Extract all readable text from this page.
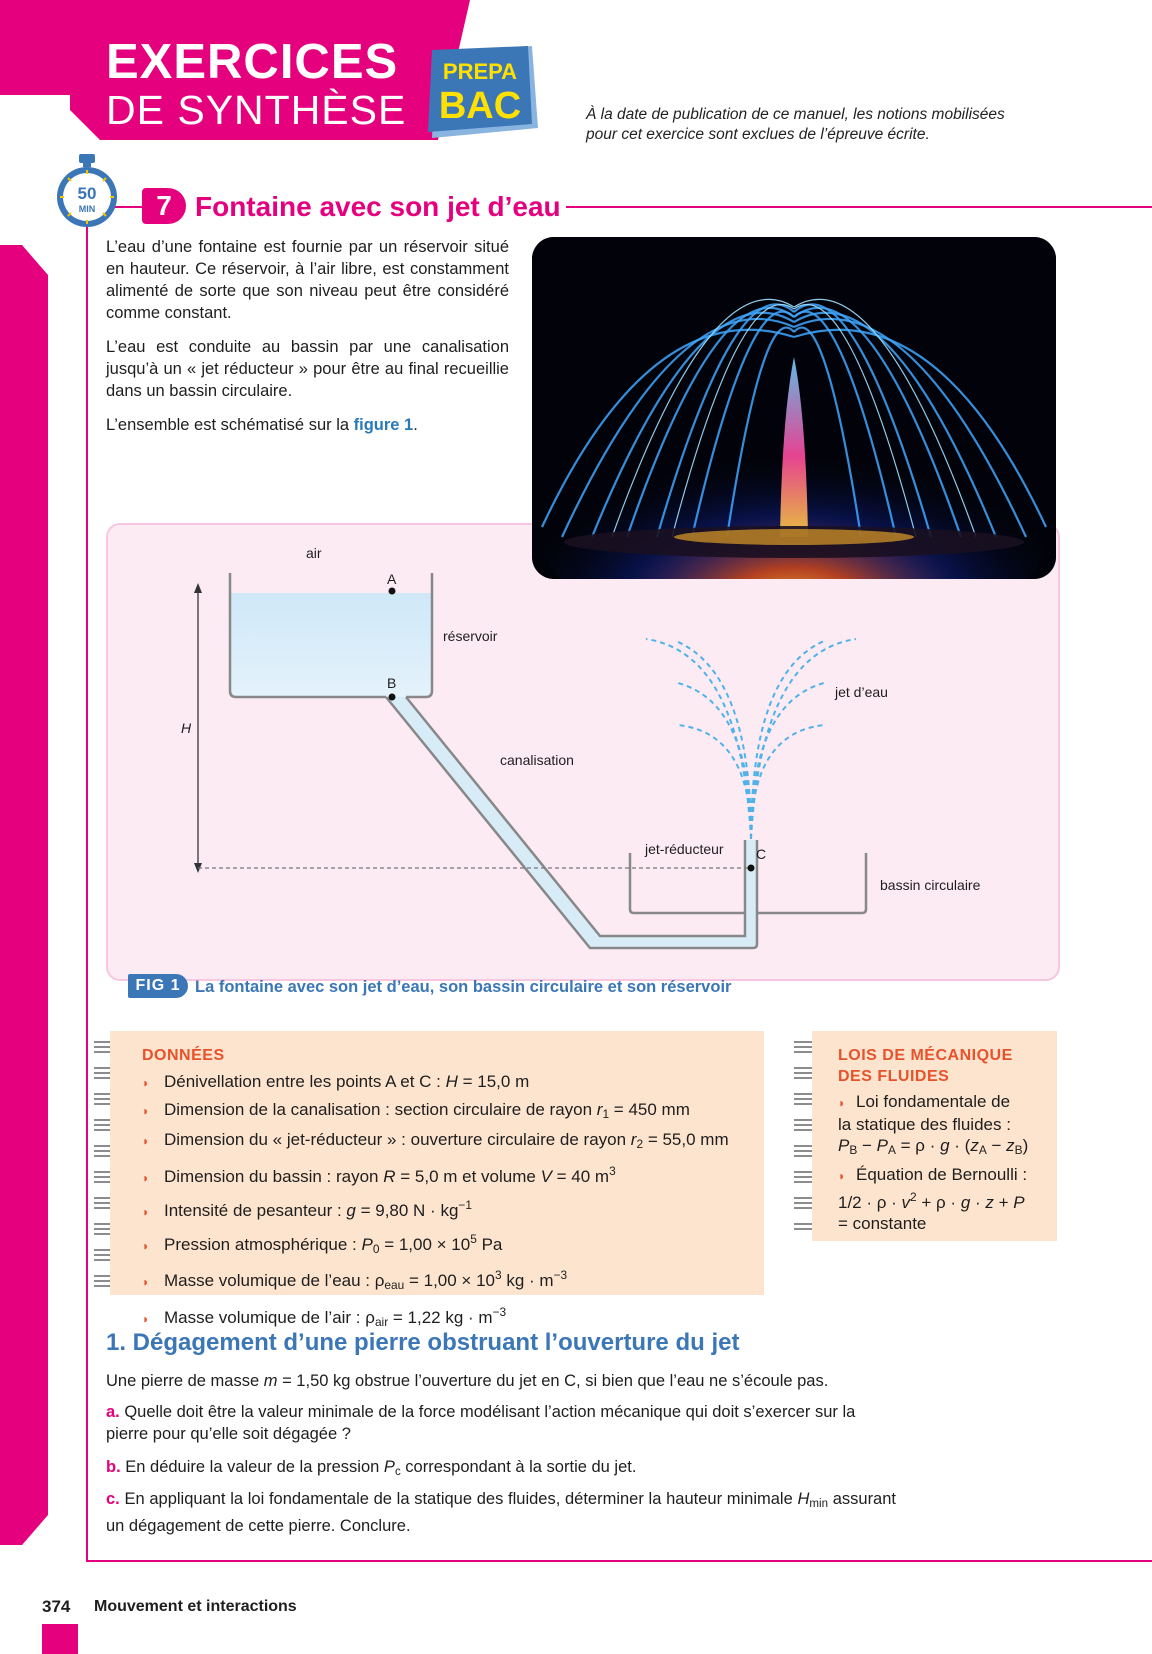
EXERCICES
DE SYNTHÈSE
PREPA
BAC	À la date de publication de ce manuel, les notions mobilisées pour cet exercice sont exclues de l’épreuve écrite.
50
MIN	7 Fontaine avec son jet d’eau
L’eau d’une fontaine est fournie par un réservoir situé en hauteur. Ce réservoir, à l’air libre, est constamment alimenté de sorte que son niveau peut être considéré comme constant.
L’eau est conduite au bassin par une canalisation jusqu’à un « jet réducteur » pour être au final recueillie dans un bassin circulaire.
L’ensemble est schématisé sur la figure 1.
air
A
B
réservoir
H
canalisation
jet d’eau
jet-réducteur C
bassin circulaire
FIG 1 La fontaine avec son jet d’eau, son bassin circulaire et son réservoir
DONNÉES
◗ Dénivellation entre les points A et C : H = 15,0 m
◗ Dimension de la canalisation : section circulaire de rayon $r_1 = 450$ mm
◗ Dimension du « jet-réducteur » : ouverture circulaire de rayon $r_2 = 55,0$ mm
◗ Dimension du bassin : rayon R = 5,0 m et volume V = 40 $m^3$
◗ Intensité de pesanteur : g = 9,80 $N \cdot kg^{-1}$
◗ Pression atmosphérique : $P_0 = 1,00 \times 10^5$ Pa
◗ Masse volumique de l’eau : $\rho_{eau} = 1,00 \times 10^3$ kg · $m^{-3}$
◗ Masse volumique de l’air : $\rho_{air} = 1,22$ kg · $m^{-3}$
LOIS DE MÉCANIQUE
DES FLUIDES
◗ Loi fondamentale de
la statique des fluides :
$P_B - P_A = \rho \cdot g \cdot (z_A - z_B)$
◗ Équation de Bernoulli :
$1/2 \cdot \rho \cdot v^2 + \rho \cdot g \cdot z + P$
= constante
1. Dégagement d’une pierre obstruant l’ouverture du jet
Une pierre de masse m = 1,50 kg obstrue l’ouverture du jet en C, si bien que l’eau ne s’écoule pas.
a. Quelle doit être la valeur minimale de la force modélisant l’action mécanique qui doit s’exercer sur la pierre pour qu’elle soit dégagée ?
b. En déduire la valeur de la pression $P_c$ correspondant à la sortie du jet.
c. En appliquant la loi fondamentale de la statique des fluides, déterminer la hauteur minimale $H_{min}$ assurant un dégagement de cette pierre. Conclure.
374 Mouvement et interactions
